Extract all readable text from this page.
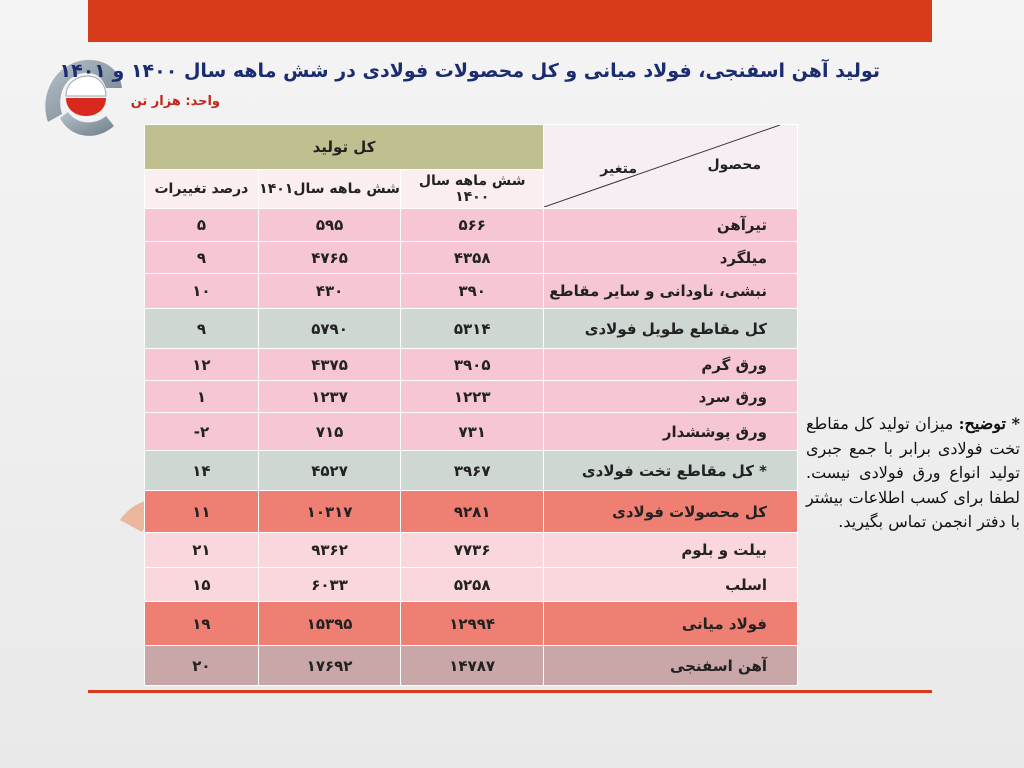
تولید آهن اسفنجی، فولاد میانی و کل محصولات فولادی در شش ماهه سال ۱۴۰۰ و ۱۴۰۱
واحد: هزار تن
محصول
متغیر	کل تولید		
	شش ماهه سال ۱۴۰۰	شش ماهه سال۱۴۰۱	درصد تغییرات
تیرآهن	۵۶۶	۵۹۵	۵
میلگرد	۴۳۵۸	۴۷۶۵	۹
نبشی، ناودانی و سایر مقاطع	۳۹۰	۴۳۰	۱۰
کل مقاطع طویل فولادی	۵۳۱۴	۵۷۹۰	۹
ورق گرم	۳۹۰۵	۴۳۷۵	۱۲
ورق سرد	۱۲۲۳	۱۲۳۷	۱
ورق پوششدار	۷۳۱	۷۱۵	۲-
* کل مقاطع تخت فولادی	۳۹۶۷	۴۵۲۷	۱۴
کل محصولات فولادی	۹۲۸۱	۱۰۳۱۷	۱۱
بیلت و بلوم	۷۷۳۶	۹۳۶۲	۲۱
اسلب	۵۲۵۸	۶۰۳۳	۱۵
فولاد میانی	۱۲۹۹۴	۱۵۳۹۵	۱۹
آهن اسفنجی	۱۴۷۸۷	۱۷۶۹۲	۲۰
* توضیح: میزان تولید کل مقاطع تخت فولادی برابر با جمع جبری تولید انواع ورق فولادی نیست. لطفا برای کسب اطلاعات بیشتر با دفتر انجمن تماس بگیرید.
